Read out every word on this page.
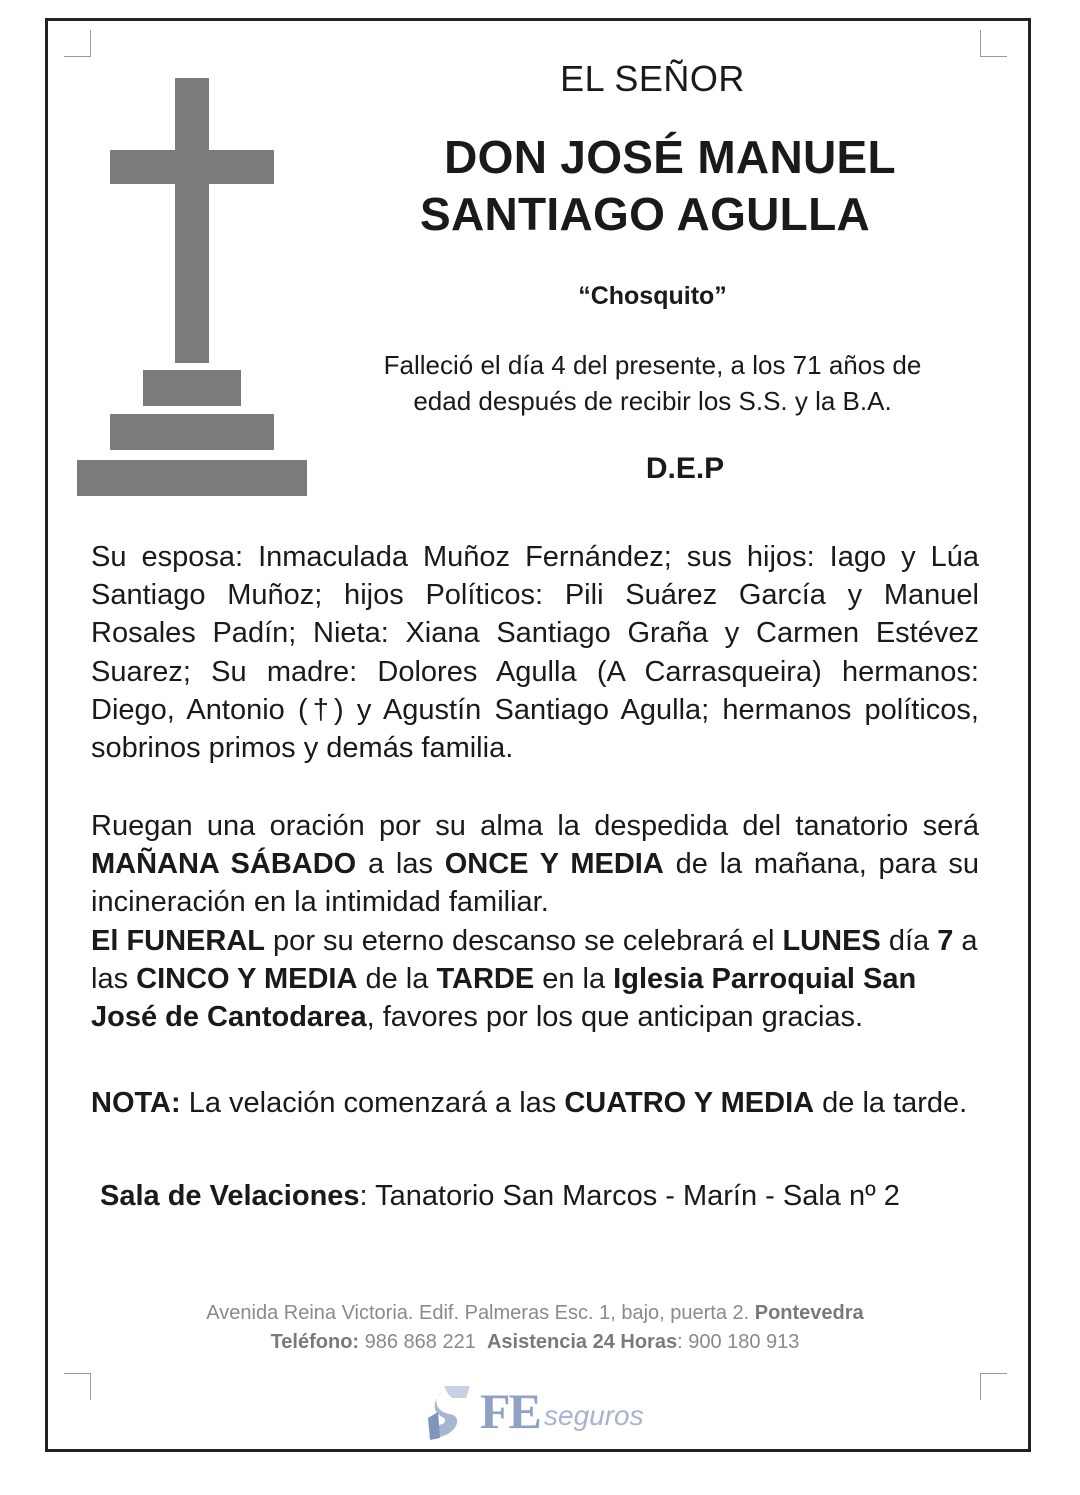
EL SEÑOR
DON JOSÉ MANUEL
SANTIAGO AGULLA
“Chosquito”
Falleció el día 4 del presente, a los 71 años de
edad después de recibir los S.S. y la B.A.
D.E.P
Su esposa: Inmaculada Muñoz Fernández; sus hijos: Iago y Lúa Santiago Muñoz; hijos Políticos: Pili Suárez García y Manuel Rosales Padín; Nieta: Xiana Santiago Graña y Carmen Estévez Suarez; Su madre: Dolores Agulla (A Carrasqueira) hermanos: Diego, Antonio (†) y Agustín Santiago Agulla; hermanos políticos, sobrinos primos y demás familia.
Ruegan una oración por su alma la despedida del tanatorio será MAÑANA SÁBADO a las ONCE Y MEDIA de la mañana, para su incineración en la intimidad familiar.
El FUNERAL por su eterno descanso se celebrará el LUNES día 7 a las CINCO Y MEDIA de la TARDE en la Iglesia Parroquial San José de Cantodarea, favores por los que anticipan gracias.
NOTA: La velación comenzará a las CUATRO Y MEDIA de la tarde.
Sala de Velaciones: Tanatorio San Marcos - Marín - Sala nº 2
Avenida Reina Victoria. Edif. Palmeras Esc. 1, bajo, puerta 2. Pontevedra
Teléfono: 986 868 221 Asistencia 24 Horas: 900 180 913
FE seguros
